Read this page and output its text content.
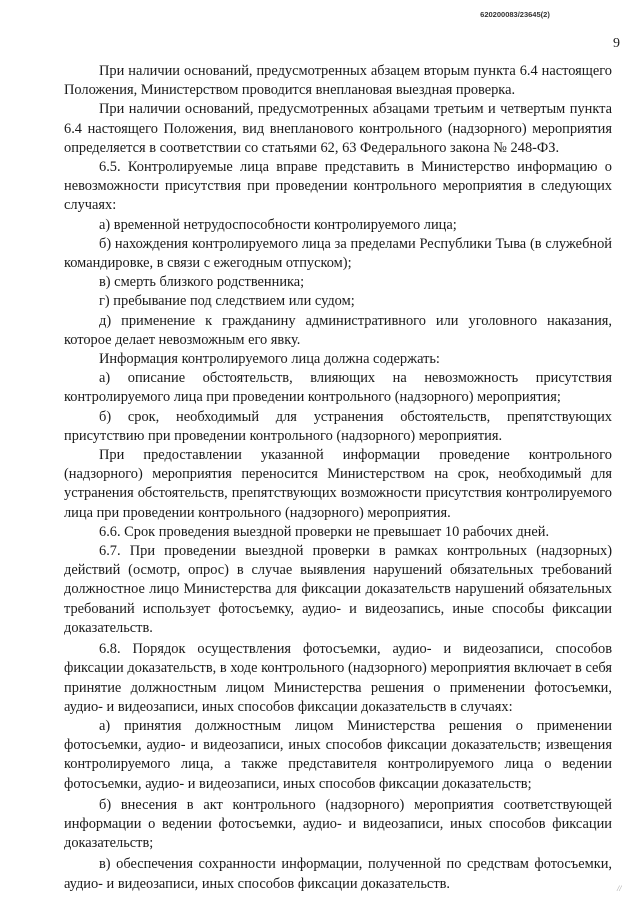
620200083/23645(2)
9

При наличии оснований, предусмотренных абзацем вторым пункта 6.4 настоящего Положения, Министерством проводится внеплановая выездная проверка.

При наличии оснований, предусмотренных абзацами третьим и четвертым пункта 6.4 настоящего Положения, вид внепланового контрольного (надзорного) мероприятия определяется в соответствии со статьями 62, 63 Федерального закона № 248-ФЗ.

6.5. Контролируемые лица вправе представить в Министерство информацию о невозможности присутствия при проведении контрольного мероприятия в следующих случаях:

а) временной нетрудоспособности контролируемого лица;

б) нахождения контролируемого лица за пределами Республики Тыва (в служебной командировке, в связи с ежегодным отпуском);

в) смерть близкого родственника;

г) пребывание под следствием или судом;

д) применение к гражданину административного или уголовного наказания, которое делает невозможным его явку.

Информация контролируемого лица должна содержать:

а) описание обстоятельств, влияющих на невозможность присутствия контролируемого лица при проведении контрольного (надзорного) мероприятия;

б) срок, необходимый для устранения обстоятельств, препятствующих присутствию при проведении контрольного (надзорного) мероприятия.

При предоставлении указанной информации проведение контрольного (надзорного) мероприятия переносится Министерством на срок, необходимый для устранения обстоятельств, препятствующих возможности присутствия контролируемого лица при проведении контрольного (надзорного) мероприятия.

6.6. Срок проведения выездной проверки не превышает 10 рабочих дней.

6.7. При проведении выездной проверки в рамках контрольных (надзорных) действий (осмотр, опрос) в случае выявления нарушений обязательных требований должностное лицо Министерства для фиксации доказательств нарушений обязательных требований использует фотосъемку, аудио- и видеозапись, иные способы фиксации доказательств.

6.8. Порядок осуществления фотосъемки, аудио- и видеозаписи, способов фиксации доказательств, в ходе контрольного (надзорного) мероприятия включает в себя принятие должностным лицом Министерства решения о применении фотосъемки, аудио- и видеозаписи, иных способов фиксации доказательств в случаях:

а) принятия должностным лицом Министерства решения о применении фотосъемки, аудио- и видеозаписи, иных способов фиксации доказательств; извещения контролируемого лица, а также представителя контролируемого лица о ведении фотосъемки, аудио- и видеозаписи, иных способов фиксации доказательств;

б) внесения в акт контрольного (надзорного) мероприятия соответствующей информации о ведении фотосъемки, аудио- и видеозаписи, иных способов фиксации доказательств;

в) обеспечения сохранности информации, полученной по средствам фотосъемки, аудио- и видеозаписи, иных способов фиксации доказательств.	//
